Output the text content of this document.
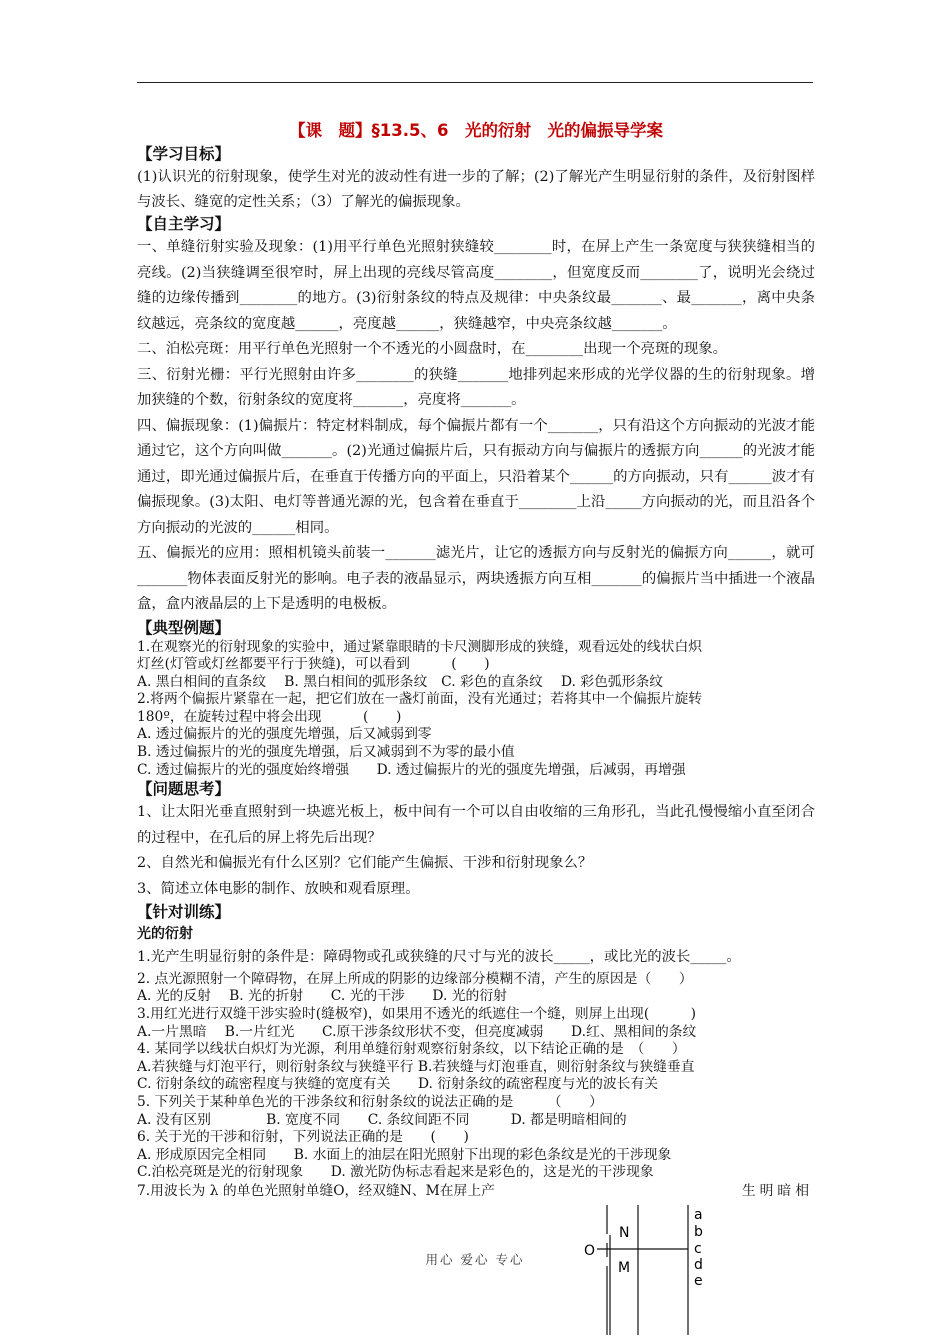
【课　题】§13.5、6　光的衍射　光的偏振导学案
【学习目标】
(1)认识光的衍射现象，使学生对光的波动性有进一步的了解；(2)了解光产生明显衍射的条件，及衍射图样与波长、缝宽的定性关系；（3）了解光的偏振现象。
【自主学习】
一、单缝衍射实验及现象：(1)用平行单色光照射狭缝较________时，在屏上产生一条宽度与狭狭缝相当的亮线。(2)当狭缝调至很窄时，屏上出现的亮线尽管高度________，但宽度反而________了，说明光会绕过缝的边缘传播到________的地方。(3)衍射条纹的特点及规律：中央条纹最_______、最_______，离中央条纹越远，亮条纹的宽度越______，亮度越______，狭缝越窄，中央亮条纹越_______。
二、泊松亮斑：用平行单色光照射一个不透光的小圆盘时，在________出现一个亮斑的现象。
三、衍射光栅：平行光照射由许多________的狭缝_______地排列起来形成的光学仪器的生的衍射现象。增加狭缝的个数，衍射条纹的宽度将_______，亮度将_______。
四、偏振现象：(1)偏振片：特定材料制成，每个偏振片都有一个_______，只有沿这个方向振动的光波才能通过它，这个方向叫做_______。(2)光通过偏振片后，只有振动方向与偏振片的透振方向______的光波才能通过，即光通过偏振片后，在垂直于传播方向的平面上，只沿着某个______的方向振动，只有______波才有偏振现象。(3)太阳、电灯等普通光源的光，包含着在垂直于________上沿_____方向振动的光，而且沿各个方向振动的光波的______相同。
五、偏振光的应用：照相机镜头前装一_______滤光片，让它的透振方向与反射光的偏振方向______，就可_______物体表面反射光的影响。电子表的液晶显示，两块透振方向互相_______的偏振片当中插进一个液晶盒，盒内液晶层的上下是透明的电极板。
【典型例题】
1.在观察光的衍射现象的实验中，通过紧靠眼睛的卡尺测脚形成的狭缝，观看远处的线状白炽
灯丝(灯管或灯丝都要平行于狭缝)，可以看到　　　(　　)
A. 黑白相间的直条纹　 B. 黑白相间的弧形条纹　C. 彩色的直条纹　 D. 彩色弧形条纹
2.将两个偏振片紧靠在一起，把它们放在一盏灯前面，没有光通过；若将其中一个偏振片旋转
180º，在旋转过程中将会出现　　　(　　)
A. 透过偏振片的光的强度先增强，后又减弱到零
B. 透过偏振片的光的强度先增强，后又减弱到不为零的最小值
C. 透过偏振片的光的强度始终增强　　D. 透过偏振片的光的强度先增强，后减弱，再增强
【问题思考】
1、让太阳光垂直照射到一块遮光板上，板中间有一个可以自由收缩的三角形孔，当此孔慢慢缩小直至闭合的过程中，在孔后的屏上将先后出现？
2、自然光和偏振光有什么区别？它们能产生偏振、干涉和衍射现象么？
3、简述立体电影的制作、放映和观看原理。
【针对训练】
光的衍射
1.光产生明显衍射的条件是：障碍物或孔或狭缝的尺寸与光的波长_____，或比光的波长_____。
2. 点光源照射一个障碍物，在屏上所成的阴影的边缘部分模糊不清，产生的原因是（　　）
A. 光的反射　 B. 光的折射　　C. 光的干涉　　D. 光的衍射
3.用红光进行双缝干涉实验时(缝极窄)，如果用不透光的纸遮住一个缝，则屏上出现(　　　)
A.一片黑暗　 B.一片红光　　C.原干涉条纹形状不变，但亮度减弱　　D.红、黑相间的条纹
4. 某同学以线状白炽灯为光源，利用单缝衍射观察衍射条纹，以下结论正确的是　（　　）
A.若狭缝与灯泡平行，则衍射条纹与狭缝平行 B.若狭缝与灯泡垂直，则衍射条纹与狭缝垂直
C. 衍射条纹的疏密程度与狭缝的宽度有关　　D. 衍射条纹的疏密程度与光的波长有关
5. 下列关于某种单色光的干涉条纹和衍射条纹的说法正确的是　　　（　　）
A. 没有区别　　　　B. 宽度不同　　C. 条纹间距不同　　　D. 都是明暗相间的
6. 关于光的干涉和衍射，下列说法正确的是　　(　　)
A. 形成原因完全相同　　B. 水面上的油层在阳光照射下出现的彩色条纹是光的干涉现象
C.泊松亮斑是光的衍射现象　　D. 激光防伪标志看起来是彩色的，这是光的干涉现象
7.用波长为 λ 的单色光照射单缝O，经双缝N、M在屏上产	生明暗相
O
N
M
a
b
c
d
e
用心 爱心 专心
